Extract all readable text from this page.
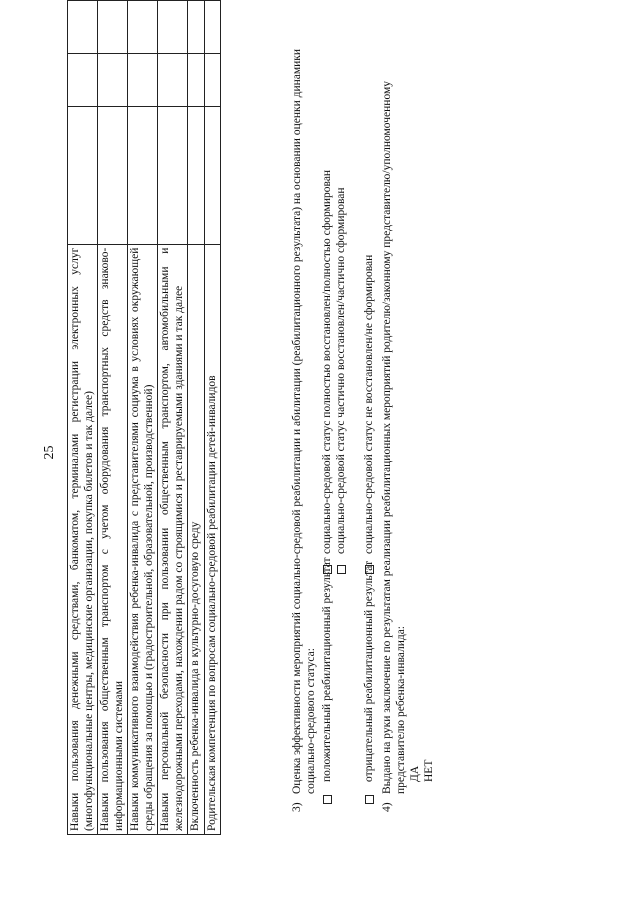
25 Навыки пользования денежными средствами, банкоматом, терминалами регистрации электронных услуг (многофункциональные центры, медицинские организации, покупка билетов и так далее)			
Навыки пользования общественным транспортом с учетом оборудования транспортных средств знаково-информационными системами			
Навыки коммуникативного взаимодействия ребенка-инвалида с представителями социума в условиях окружающей среды обращения за помощью и (градостроительной, образовательной, производственной)			
Навыки персональной безопасности при пользовании общественным транспортом, автомобильными и железнодорожными переходами, нахождении радом со строящимися и реставрируемыми зданиями и так далее			
Включенность ребенка-инвалида в культурно-досуговую среду			
Родительская компетенция по вопросам социально-средовой реабилитации детей-инвалидов				3)
Оценка эффективности мероприятий социально-средовой реабилитации и абилитации (реабилитационного результата) на основании оценки динамики социально-средового статуса: положительный реабилитационный результат
социально-средовой статус полностью восстановлен/полностью сформирован социально-средовой статус частично восстановлен/частично сформирован
отрицательный реабилитационный результат
социально-средовой статус не восстановлен/не сформирован
4)
Выдано на руки заключение по результатам реализации реабилитационных мероприятий родителю/законному представителю/уполномоченному представителю ребенка-инвалида: ДА НЕТ
